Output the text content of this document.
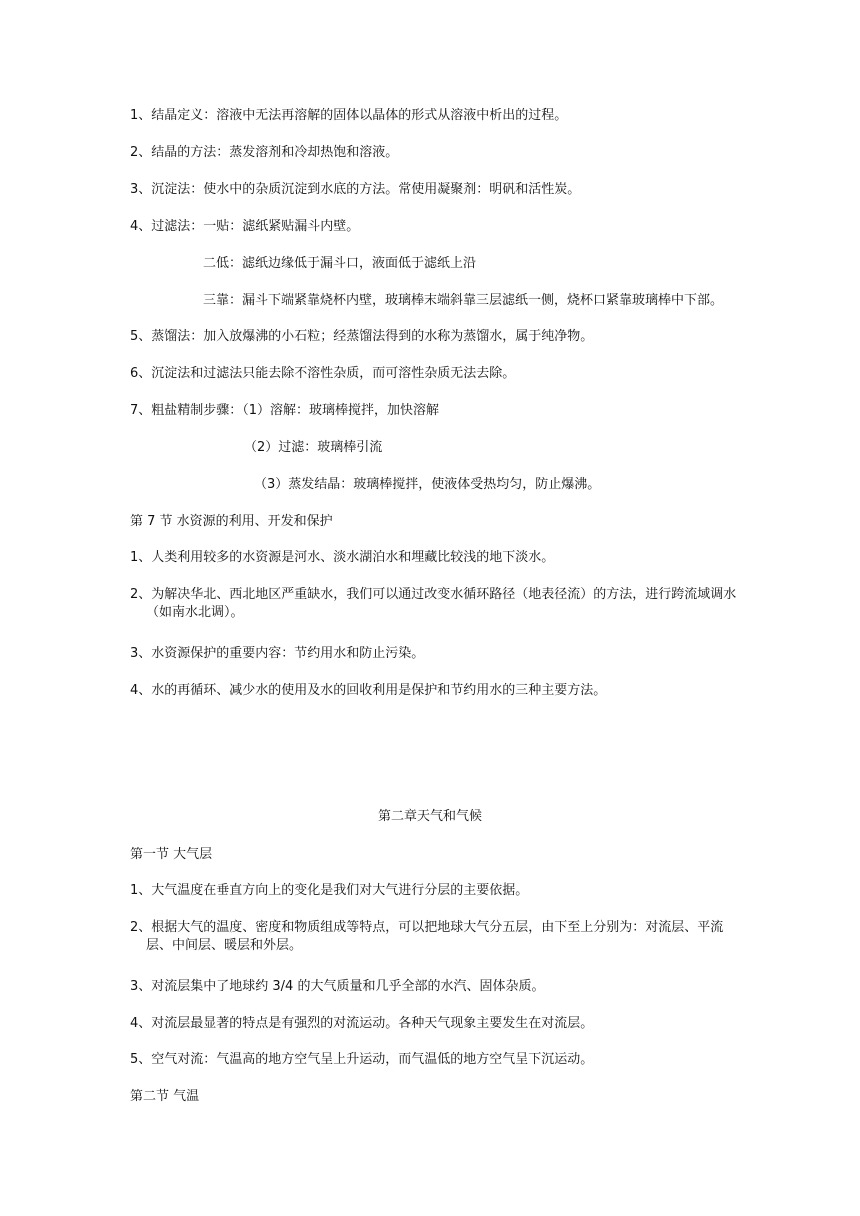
1、结晶定义：溶液中无法再溶解的固体以晶体的形式从溶液中析出的过程。
2、结晶的方法：蒸发溶剂和冷却热饱和溶液。
3、沉淀法：使水中的杂质沉淀到水底的方法。常使用凝聚剂：明矾和活性炭。
4、过滤法：一贴：滤纸紧贴漏斗内壁。
二低：滤纸边缘低于漏斗口，液面低于滤纸上沿
三靠：漏斗下端紧靠烧杯内壁，玻璃棒末端斜靠三层滤纸一侧，烧杯口紧靠玻璃棒中下部。
5、蒸馏法：加入放爆沸的小石粒；经蒸馏法得到的水称为蒸馏水，属于纯净物。
6、沉淀法和过滤法只能去除不溶性杂质，而可溶性杂质无法去除。
7、粗盐精制步骤：（1）溶解：玻璃棒搅拌，加快溶解
（2）过滤：玻璃棒引流
（3）蒸发结晶：玻璃棒搅拌，使液体受热均匀，防止爆沸。
第 7 节 水资源的利用、开发和保护
1、人类利用较多的水资源是河水、淡水湖泊水和埋藏比较浅的地下淡水。
2、为解决华北、西北地区严重缺水，我们可以通过改变水循环路径（地表径流）的方法，进行跨流域调水（如南水北调）。
3、水资源保护的重要内容：节约用水和防止污染。
4、水的再循环、减少水的使用及水的回收利用是保护和节约用水的三种主要方法。
第二章天气和气候
第一节 大气层
1、大气温度在垂直方向上的变化是我们对大气进行分层的主要依据。
2、根据大气的温度、密度和物质组成等特点，可以把地球大气分五层，由下至上分别为：对流层、平流层、中间层、暖层和外层。
3、对流层集中了地球约 3/4 的大气质量和几乎全部的水汽、固体杂质。
4、对流层最显著的特点是有强烈的对流运动。各种天气现象主要发生在对流层。
5、空气对流：气温高的地方空气呈上升运动，而气温低的地方空气呈下沉运动。
第二节 气温
